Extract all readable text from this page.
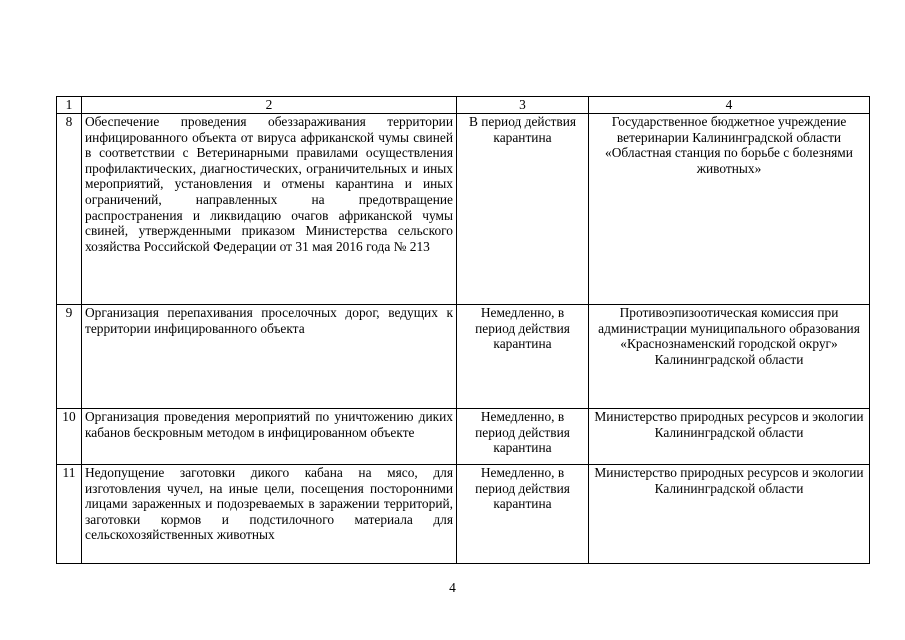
1	2	3	4
8	Обеспечение проведения обеззараживания территории инфицированного объекта от вируса африканской чумы свиней в соответствии с Ветеринарными правилами осуществления профилактических, диагностических, ограничительных и иных мероприятий, установления и отмены карантина и иных ограничений, направленных на предотвращение распространения и ликвидацию очагов африканской чумы свиней, утвержденными приказом Министерства сельского хозяйства Российской Федерации от 31 мая 2016 года № 213	В период действия карантина	Государственное бюджетное учреждение ветеринарии Калининградской области «Областная станция по борьбе с болезнями животных»
9	Организация перепахивания проселочных дорог, ведущих к территории инфицированного объекта	Немедленно, в период действия карантина	Противоэпизоотическая комиссия при администрации муниципального образования «Краснознаменский городской округ» Калининградской области
10	Организация проведения мероприятий по уничтожению диких кабанов бескровным методом в инфицированном объекте	Немедленно, в период действия карантина	Министерство природных ресурсов и экологии Калининградской области
11	Недопущение заготовки дикого кабана на мясо, для изготовления чучел, на иные цели, посещения посторонними лицами зараженных и подозреваемых в заражении территорий, заготовки кормов и подстилочного материала для сельскохозяйственных животных	Немедленно, в период действия карантина	Министерство природных ресурсов и экологии Калининградской области
4
